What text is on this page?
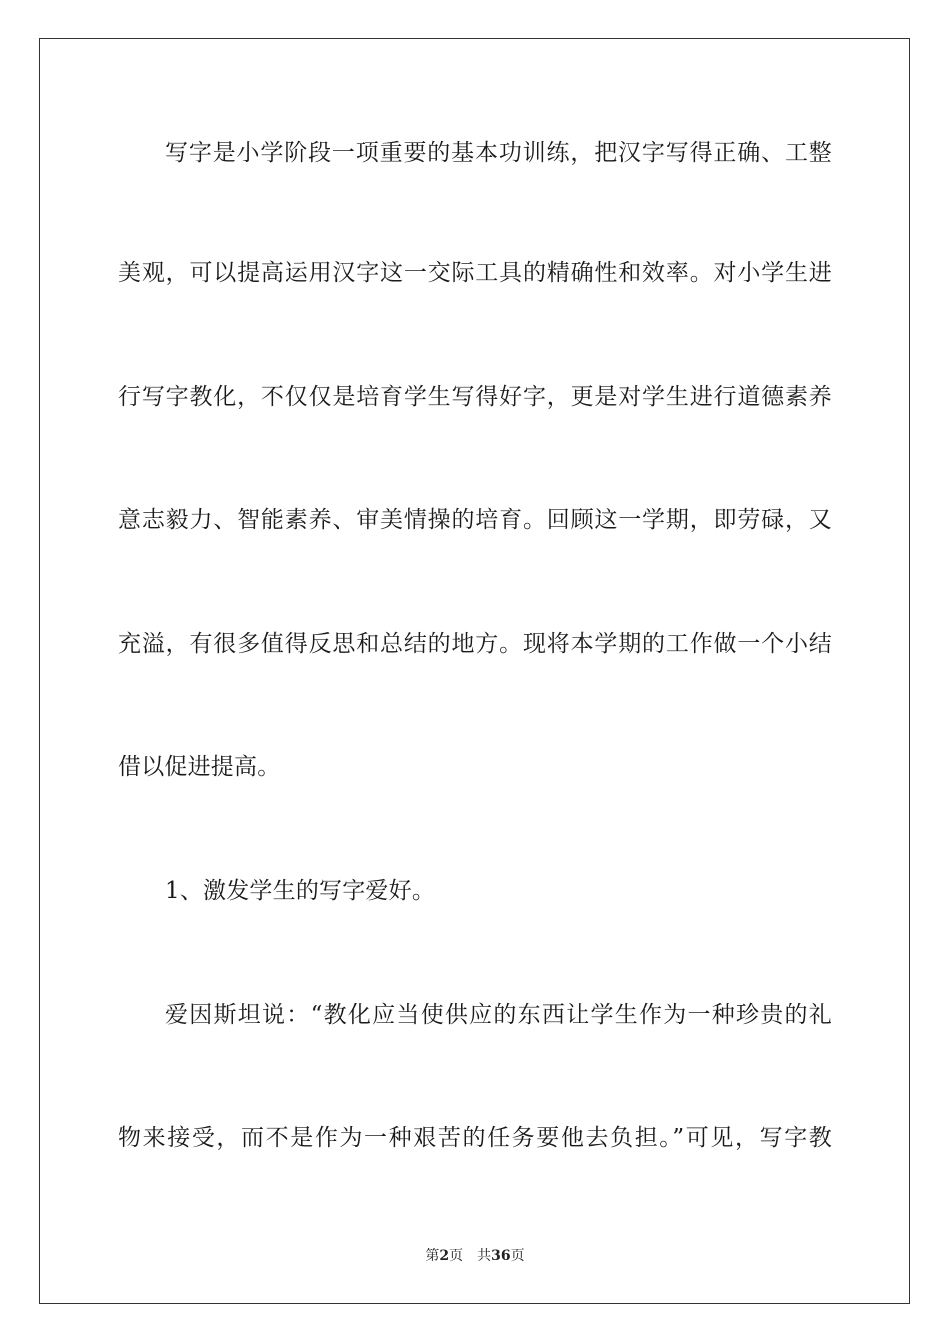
写字是小学阶段一项重要的基本功训练，把汉字写得正确、工整
美观，可以提高运用汉字这一交际工具的精确性和效率。对小学生进
行写字教化，不仅仅是培育学生写得好字，更是对学生进行道德素养
意志毅力、智能素养、审美情操的培育。回顾这一学期，即劳碌，又
充溢，有很多值得反思和总结的地方。现将本学期的工作做一个小结
借以促进提高。
1、激发学生的写字爱好。
爱因斯坦说：“教化应当使供应的东西让学生作为一种珍贵的礼
物来接受，而不是作为一种艰苦的任务要他去负担。”可见，写字教
第2页 共36页
